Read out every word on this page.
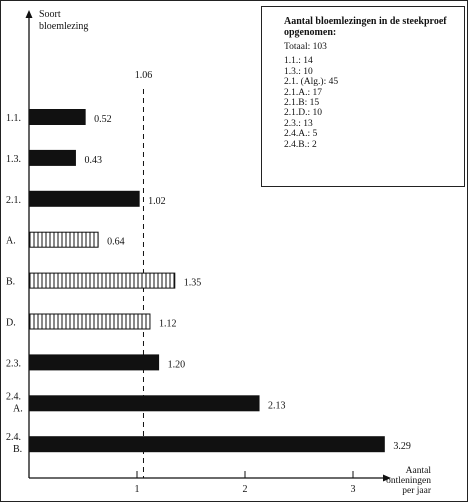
Soort
bloemlezing
Aantal
ontleningen
per jaar
1	2	3
1.06
0.52
1.1.
0.43
1.3.
1.02
2.1.
0.64
A.
1.35
B.
1.12
D.
1.20
2.3.
2.13
2.4. A.
3.29
2.4. B.
Aantal bloemlezingen in de steekproef opgenomen:
Totaal: 103
1.1.: 14
1.3.: 10
2.1. (Alg.): 45
2.1.A.: 17
2.1.B: 15
2.1.D.: 10
2.3.: 13
2.4.A.: 5
2.4.B.: 2
